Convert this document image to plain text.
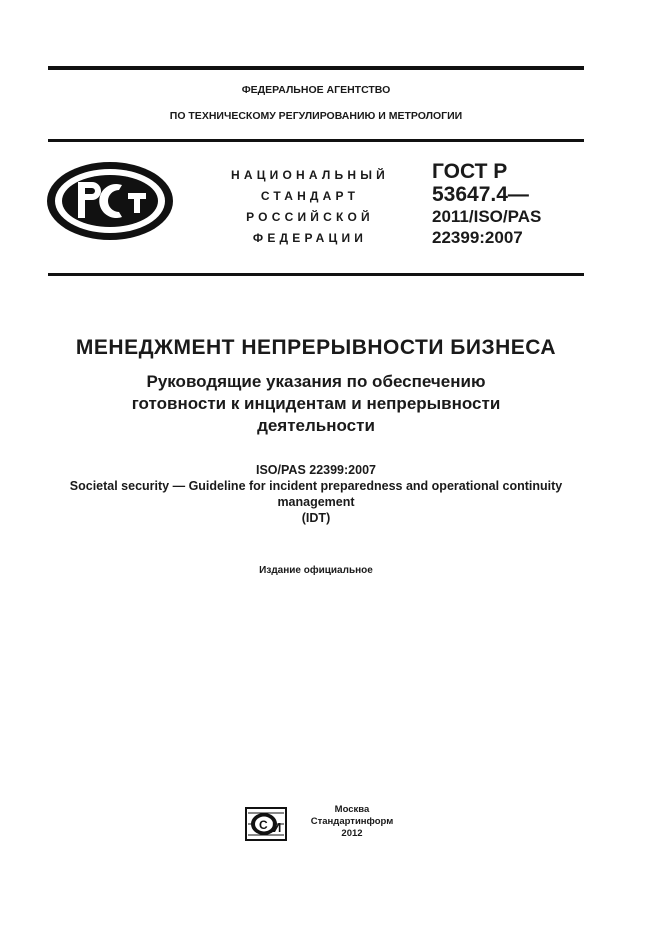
ФЕДЕРАЛЬНОЕ АГЕНТСТВО
ПО ТЕХНИЧЕСКОМУ РЕГУЛИРОВАНИЮ И МЕТРОЛОГИИ
НАЦИОНАЛЬНЫЙ
СТАНДАРТ
РОССИЙСКОЙ
ФЕДЕРАЦИИ
ГОСТ Р
53647.4—
2011/ISO/PAS
22399:2007
МЕНЕДЖМЕНТ НЕПРЕРЫВНОСТИ БИЗНЕСА
Руководящие указания по обеспечению
готовности к инцидентам и непрерывности
деятельности
ISO/PAS 22399:2007
Societal security — Guideline for incident preparedness and operational continuity
management
(IDT)
Издание официальное
С И
Москва
Стандартинформ
2012
